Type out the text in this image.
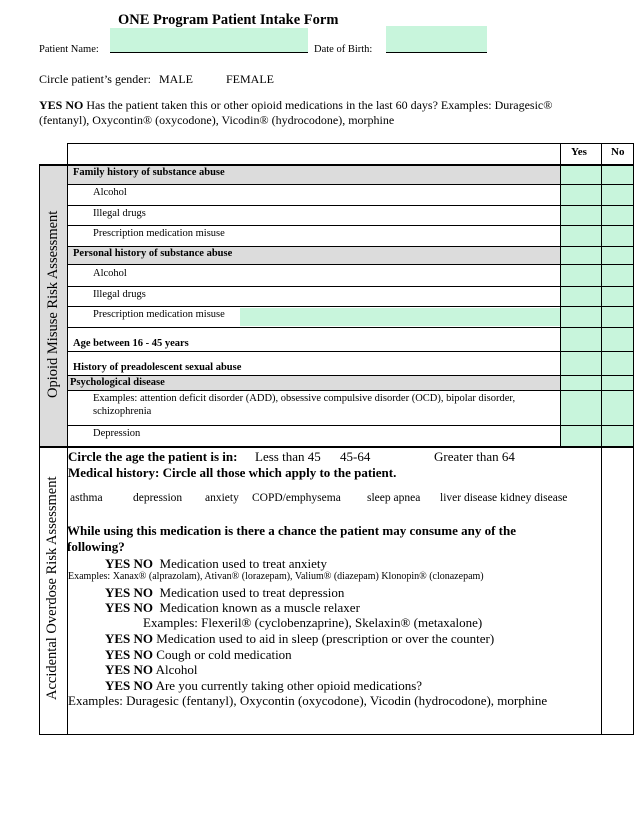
ONE Program Patient Intake Form
Patient Name:	Date of Birth:
Circle patient’s gender: MALE	FEMALE
YES NO Has the patient taken this or other opioid medications in the last 60 days? Examples: Duragesic® (fentanyl), Oxycontin® (oxycodone), Vicodin® (hydrocodone), morphine
Yes No
Family history of substance abuse
Alcohol
Illegal drugs
Prescription medication misuse
Personal history of substance abuse
Alcohol
Illegal drugs
Prescription medication misuse
Age between 16 - 45 years
History of preadolescent sexual abuse
Psychological disease
Examples: attention deficit disorder (ADD), obsessive compulsive disorder (OCD), bipolar disorder,
schizophrenia
Depression
Opioid Misuse Risk Assessment
Accidental Overdose Risk Assessment
Circle the age the patient is in: Less than 45 45-64	Greater than 64
Medical history: Circle all those which apply to the patient.
asthma	depression anxiety COPD/emphysema sleep apnea liver disease kidney disease
While using this medication is there a chance the patient may consume any of the
following?
YES NO Medication used to treat anxiety
Examples: Xanax® (alprazolam), Ativan® (lorazepam), Valium® (diazepam) Klonopin® (clonazepam)
YES NO Medication used to treat depression
YES NO Medication known as a muscle relaxer
Examples: Flexeril® (cyclobenzaprine), Skelaxin® (metaxalone)
YES NO Medication used to aid in sleep (prescription or over the counter)
YES NO Cough or cold medication
YES NO Alcohol
YES NO Are you currently taking other opioid medications?
Examples: Duragesic (fentanyl), Oxycontin (oxycodone), Vicodin (hydrocodone), morphine
